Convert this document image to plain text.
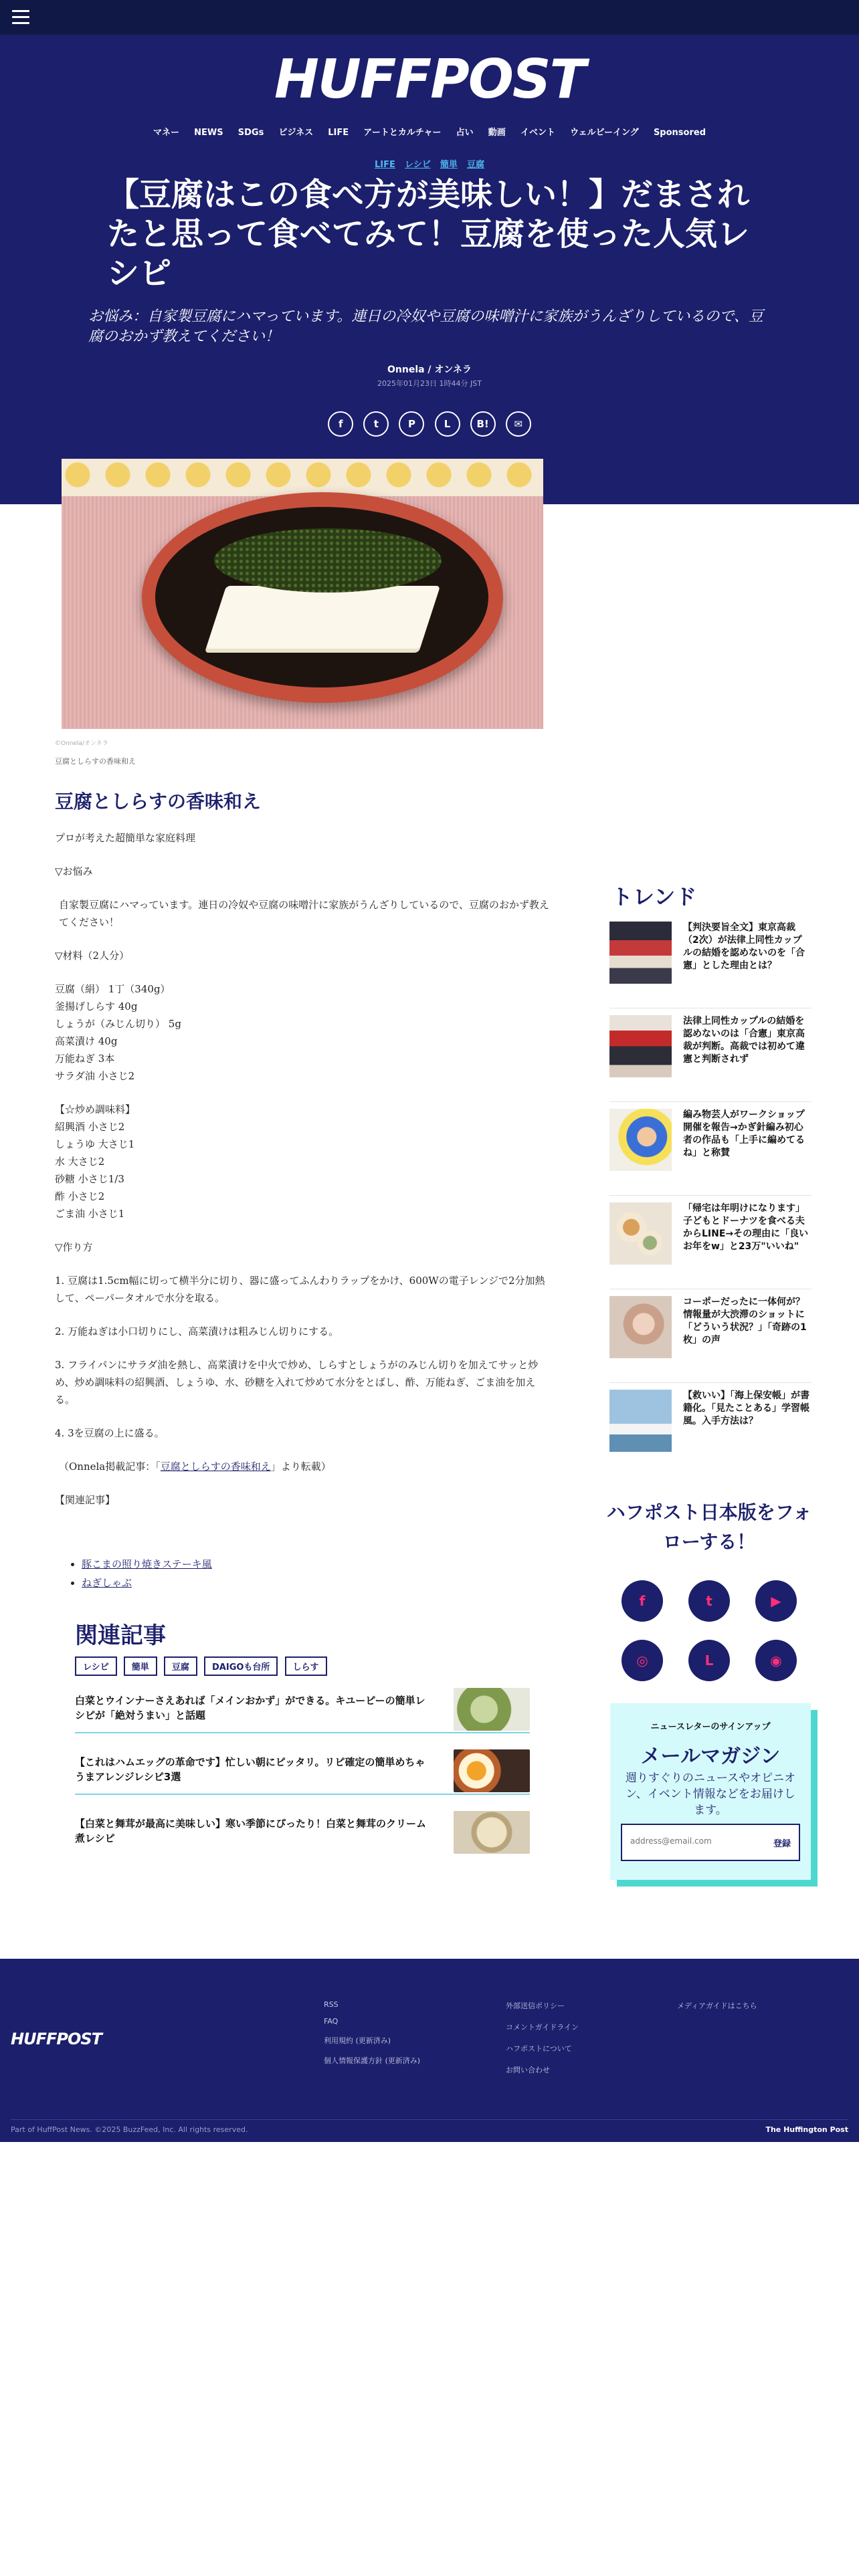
HUFFPOST
マネー NEWS SDGs ビジネス LIFE アートとカルチャー 占い 動画 イベント ウェルビーイング Sponsored
LIFE レシピ 簡単 豆腐
【豆腐はこの食べ方が美味しい！】だまされたと思って食べてみて！豆腐を使った人気レシピ
お悩み：自家製豆腐にハマっています。連日の冷奴や豆腐の味噌汁に家族がうんざりしているので、豆腐のおかず教えてください！
Onnela / オンネラ
2025年01月23日 1時44分 JST
f	t	P	L	B!	✉
©Onnela/オンネラ
豆腐としらすの香味和え
豆腐としらすの香味和え

プロが考えた超簡単な家庭料理

▽お悩み

自家製豆腐にハマっています。連日の冷奴や豆腐の味噌汁に家族がうんざりしているので、豆腐のおかず教えてください！

▽材料（2人分）

豆腐（絹） 1丁（340g）

釜揚げしらす 40g

しょうが（みじん切り） 5g

高菜漬け 40g

万能ねぎ 3本

サラダ油 小さじ2

【☆炒め調味料】

紹興酒 小さじ2

しょうゆ 大さじ1

水 大さじ2

砂糖 小さじ1/3

酢 小さじ2

ごま油 小さじ1

▽作り方

1. 豆腐は1.5cm幅に切って横半分に切り、器に盛ってふんわりラップをかけ、600Wの電子レンジで2分加熱して、ペーパータオルで水分を取る。

2. 万能ねぎは小口切りにし、高菜漬けは粗みじん切りにする。

3. フライパンにサラダ油を熱し、高菜漬けを中火で炒め、しらすとしょうがのみじん切りを加えてサッと炒め、炒め調味料の紹興酒、しょうゆ、水、砂糖を入れて炒めて水分をとばし、酢、万能ねぎ、ごま油を加える。

4. 3を豆腐の上に盛る。

（Onnela掲載記事：「豆腐としらすの香味和え」より転載）

【関連記事】

• 豚こまの照り焼きステーキ風
• ねぎしゃぶ
関連記事
レシピ	簡単	豆腐	DAIGOも台所	しらす
白菜とウインナーさえあれば「メインおかず」ができる。キユーピーの簡単レシピが「絶対うまい」と話題
【これはハムエッグの革命です】忙しい朝にピッタリ。リピ確定の簡単めちゃうまアレンジレシピ3選
【白菜と舞茸が最高に美味しい】寒い季節にぴったり！白菜と舞茸のクリーム煮レシピ
トレンド
【判決要旨全文】東京高裁（2次）が法律上同性カップルの結婚を認めないのを「合憲」とした理由とは？
法律上同性カップルの結婚を認めないのは「合憲」東京高裁が判断。高裁では初めて違憲と判断されず
編み物芸人がワークショップ開催を報告→かぎ針編み初心者の作品も「上手に編めてるね」と称賛
「帰宅は年明けになります」子どもとドーナツを食べる夫からLINE→その理由に「良いお年をw」と23万"いいね"
コーポーだったに一体何が？情報量が大渋滞のショットに「どういう状況？」「奇跡の1枚」の声
【救いい】「海上保安帳」が書籍化。「見たことある」学習帳風。入手方法は？
ハフポスト日本版をフォローする！
f	t	▶
◎	L	◉
ニュースレターのサインアップ
メールマガジン
週りすぐりのニュースやオピニオン、イベント情報などをお届けします。
address@email.com
登録
HUFFPOST
RSS
FAQ
利用規約 (更新済み)
個人情報保護方針 (更新済み)
外部送信ポリシー
コメントガイドライン
ハフポストについて
お問い合わせ
メディアガイドはこちら
Part of HuffPost News. ©2025 BuzzFeed, Inc. All rights reserved.	The Huffington Post
